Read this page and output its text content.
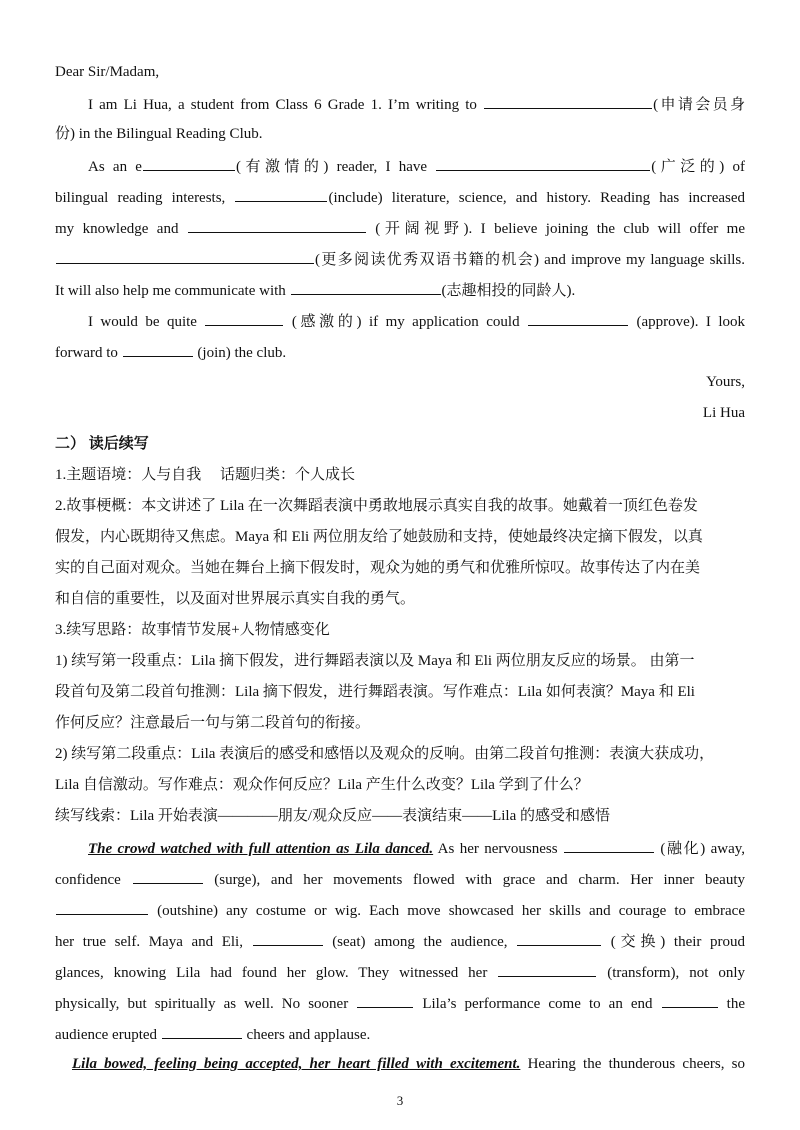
Dear Sir/Madam,
I am Li Hua, a student from Class 6 Grade 1. I’m writing to	(申请会员身
份) in the Bilingual Reading Club.
As an e	(有激情的) reader, I have	(广泛的) of
bilingual reading interests,	(include) literature, science, and history. Reading has increased
my knowledge and	(开阔视野). I believe joining the club will offer me
(更多阅读优秀双语书籍的机会) and improve my language skills.
It will also help me communicate with	(志趣相投的同龄人).
I would be quite	(感激的) if my application could	(approve). I look
forward to	(join) the club.
Yours,
Li Hua
二） 读后续写
1.主题语境：人与自我　 话题归类：个人成长
2.故事梗概：本文讲述了 Lila 在一次舞蹈表演中勇敢地展示真实自我的故事。她戴着一顶红色卷发
假发，内心既期待又焦虑。Maya 和 Eli 两位朋友给了她鼓励和支持，使她最终决定摘下假发，以真
实的自己面对观众。当她在舞台上摘下假发时，观众为她的勇气和优雅所惊叹。故事传达了内在美
和自信的重要性，以及面对世界展示真实自我的勇气。
3.续写思路：故事情节发展+人物情感变化
1) 续写第一段重点：Lila 摘下假发，进行舞蹈表演以及 Maya 和 Eli 两位朋友反应的场景。 由第一
段首句及第二段首句推测：Lila 摘下假发，进行舞蹈表演。写作难点：Lila 如何表演？Maya 和 Eli
作何反应？注意最后一句与第二段首句的衔接。
2) 续写第二段重点：Lila 表演后的感受和感悟以及观众的反响。由第二段首句推测：表演大获成功，
Lila 自信激动。写作难点：观众作何反应？Lila 产生什么改变？Lila 学到了什么？
续写线索：Lila 开始表演————朋友/观众反应——表演结束——Lila 的感受和感悟
The crowd watched with full attention as Lila danced. As her nervousness	(融化) away,
confidence	(surge), and her movements flowed with grace and charm. Her inner beauty
(outshine) any costume or wig. Each move showcased her skills and courage to embrace
her true self. Maya and Eli,	(seat) among the audience,	(交换) their proud
glances, knowing Lila had found her glow. They witnessed her	(transform), not only
physically, but spiritually as well. No sooner	Lila’s performance come to an end	the
audience erupted	cheers and applause.
Lila bowed, feeling being accepted, her heart filled with excitement. Hearing the thunderous cheers, so
3
